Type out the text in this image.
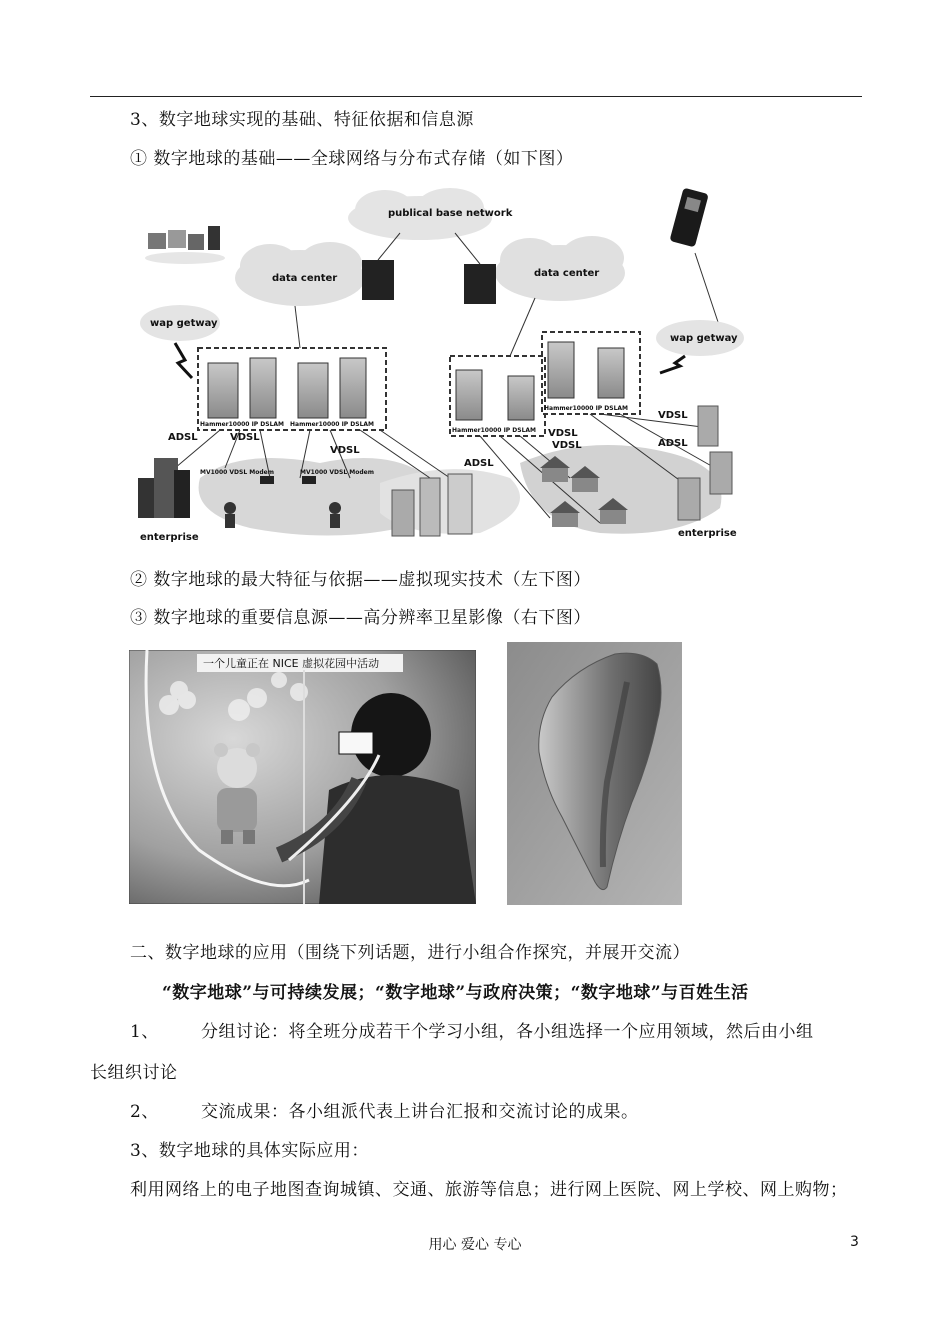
3、数字地球实现的基础、特征依据和信息源
① 数字地球的基础——全球网络与分布式存储（如下图）
publical base network
data center	data center
wap getway
wap getway
Hammer10000 IP DSLAM Hammer10000 IP DSLAM
Hammer10000 IP DSLAM
Hammer10000 IP DSLAM
ADSL	VDSL
VDSL
MV1000 VDSL Modem	MV1000 VDSL Modem
ADSL
VDSL
VDSL
VDSL
ADSL
enterprise	enterprise
② 数字地球的最大特征与依据——虚拟现实技术（左下图）
③ 数字地球的重要信息源——高分辨率卫星影像（右下图）
一个儿童正在 NICE 虚拟花园中活动
二、数字地球的应用（围绕下列话题，进行小组合作探究，并展开交流）
“数字地球”与可持续发展；“数字地球”与政府决策；“数字地球”与百姓生活
1、 分组讨论：将全班分成若干个学习小组，各小组选择一个应用领域，然后由小组
长组织讨论
2、 交流成果：各小组派代表上讲台汇报和交流讨论的成果。
3、数字地球的具体实际应用：
利用网络上的电子地图查询城镇、交通、旅游等信息；进行网上医院、网上学校、网上购物；
用心 爱心 专心	3
